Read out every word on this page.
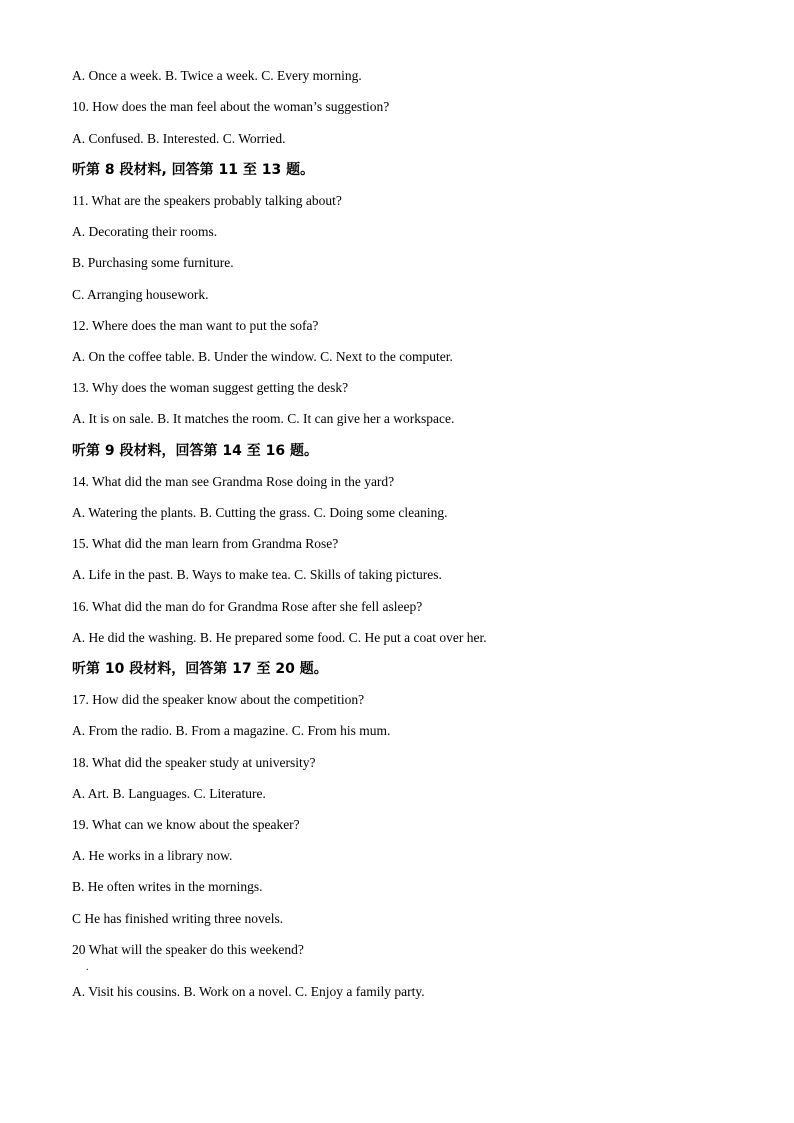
A. Once a week. B. Twice a week. C. Every morning.
10. How does the man feel about the woman’s suggestion?
A. Confused. B. Interested. C. Worried.
听第 8 段材料, 回答第 11 至 13 题。
11. What are the speakers probably talking about?
A. Decorating their rooms.
B. Purchasing some furniture.
C. Arranging housework.
12. Where does the man want to put the sofa?
A. On the coffee table. B. Under the window. C. Next to the computer.
13. Why does the woman suggest getting the desk?
A. It is on sale. B. It matches the room. C. It can give her a workspace.
听第 9 段材料，回答第 14 至 16 题。
14. What did the man see Grandma Rose doing in the yard?
A. Watering the plants. B. Cutting the grass. C. Doing some cleaning.
15. What did the man learn from Grandma Rose?
A. Life in the past. B. Ways to make tea. C. Skills of taking pictures.
16. What did the man do for Grandma Rose after she fell asleep?
A. He did the washing. B. He prepared some food. C. He put a coat over her.
听第 10 段材料，回答第 17 至 20 题。
17. How did the speaker know about the competition?
A. From the radio. B. From a magazine. C. From his mum.
18. What did the speaker study at university?
A. Art. B. Languages. C. Literature.
19. What can we know about the speaker?
A. He works in a library now.
B. He often writes in the mornings.
C He has finished writing three novels.
20 What will the speaker do this weekend?
.
A. Visit his cousins. B. Work on a novel. C. Enjoy a family party.
